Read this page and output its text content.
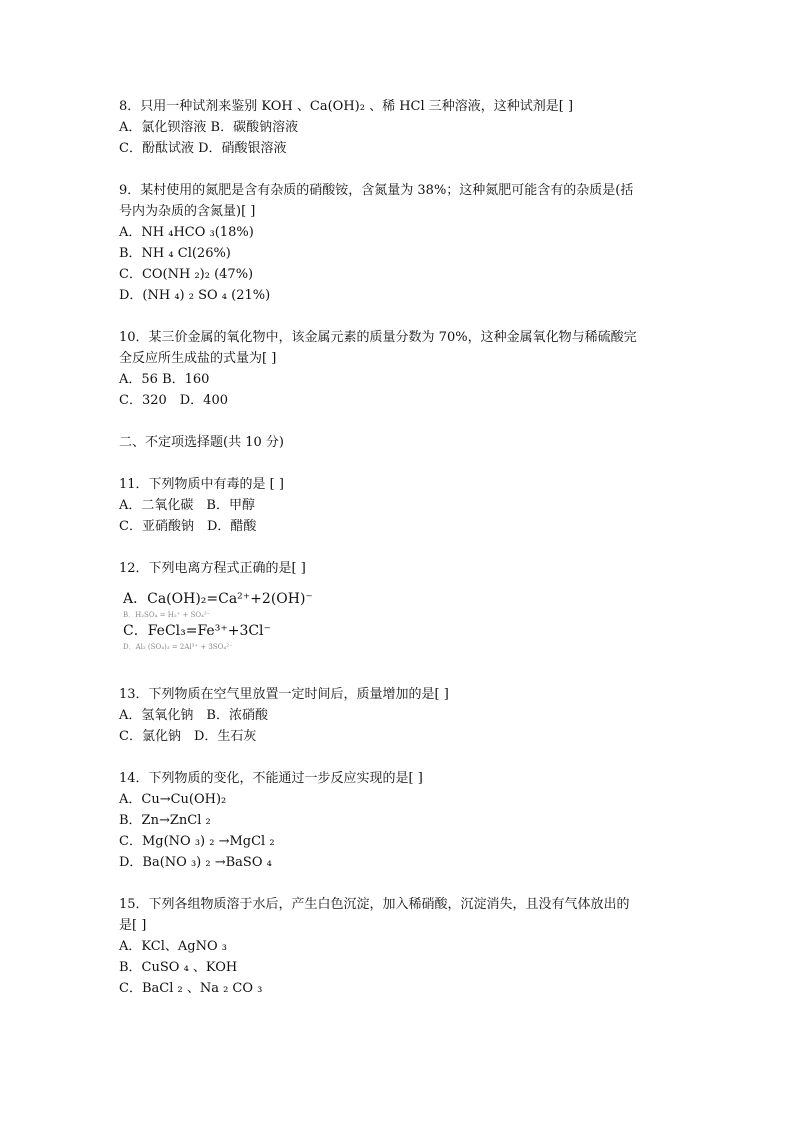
8．只用一种试剂来鉴别 KOH 、Ca(OH)₂ 、稀 HCl 三种溶液，这种试剂是[ ]
A．氯化钡溶液 B．碳酸钠溶液
C．酚酞试液 D．硝酸银溶液
9．某村使用的氮肥是含有杂质的硝酸铵，含氮量为 38%；这种氮肥可能含有的杂质是(括
号内为杂质的含氮量)[ ]
A．NH ₄HCO ₃(18%)
B．NH ₄ Cl(26%)
C．CO(NH ₂)₂ (47%)
D．(NH ₄) ₂ SO ₄ (21%)
10．某三价金属的氧化物中，该金属元素的质量分数为 70%，这种金属氧化物与稀硫酸完
全反应所生成盐的式量为[ ]
A．56 B．160
C．320　D．400
二、不定项选择题(共 10 分)
11．下列物质中有毒的是 [ ]
A．二氧化碳　B．甲醇
C．亚硝酸钠　D．醋酸
12．下列电离方程式正确的是[ ]
A．Ca(OH)₂=Ca²⁺+2(OH)⁻
B．H₂SO₄ = H₂⁺ + SO₄²⁻
C．FeCl₃=Fe³⁺+3Cl⁻
D．Al₂ (SO₄)₃ = 2Al³⁺ + 3SO₄²⁻
13．下列物质在空气里放置一定时间后，质量增加的是[ ]
A．氢氧化钠　B．浓硝酸
C．氯化钠　D．生石灰
14．下列物质的变化，不能通过一步反应实现的是[ ]
A．Cu→Cu(OH)₂
B．Zn→ZnCl ₂
C．Mg(NO ₃) ₂ →MgCl ₂
D．Ba(NO ₃) ₂ →BaSO ₄
15．下列各组物质溶于水后，产生白色沉淀，加入稀硝酸，沉淀消失，且没有气体放出的
是[ ]
A．KCl、AgNO ₃
B．CuSO ₄ 、KOH
C．BaCl ₂ 、Na ₂ CO ₃
